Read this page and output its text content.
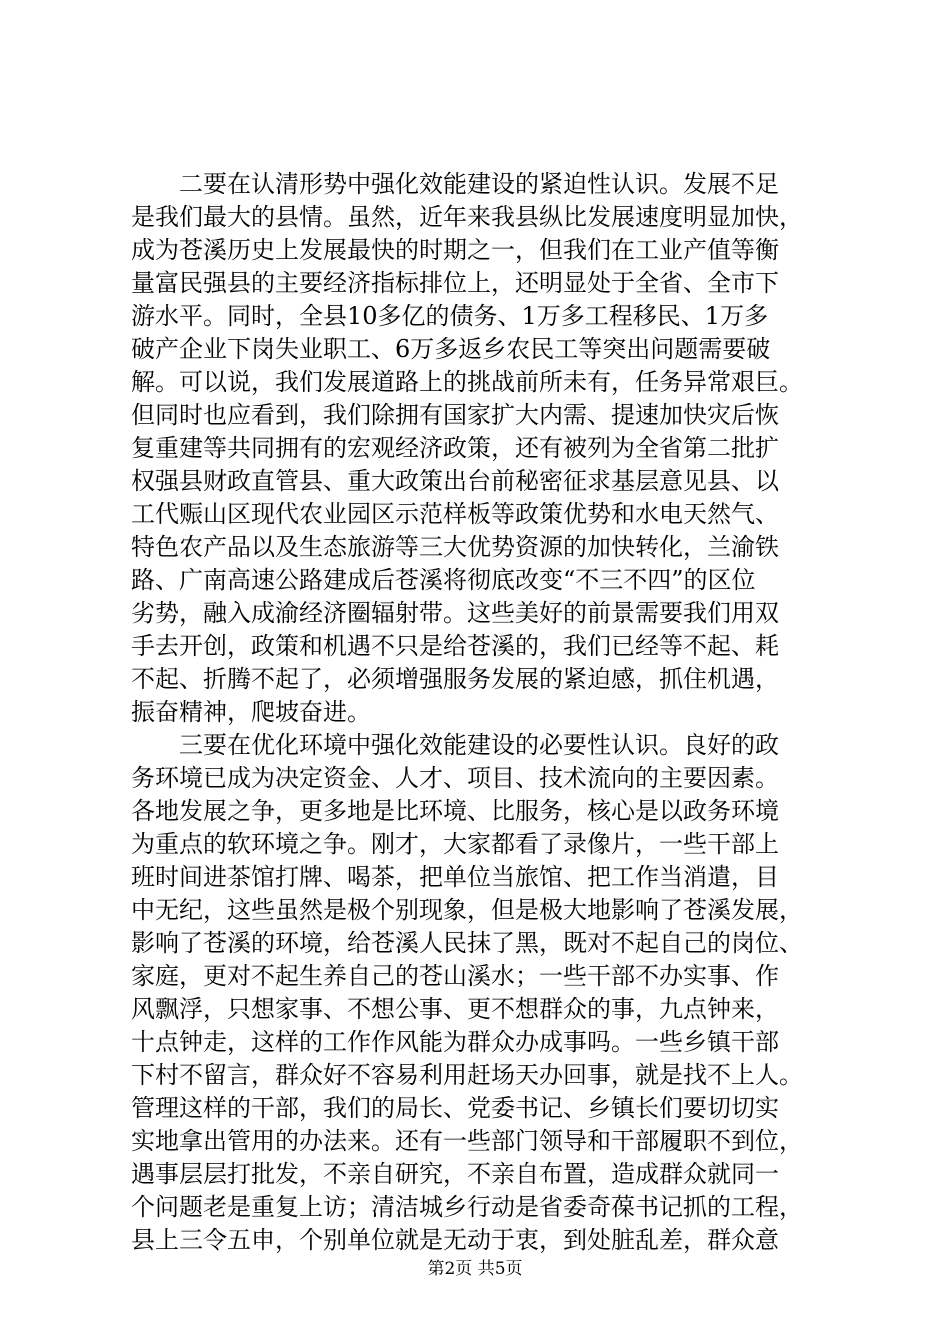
二要在认清形势中强化效能建设的紧迫性认识。发展不足
是我们最大的县情。虽然，近年来我县纵比发展速度明显加快，
成为苍溪历史上发展最快的时期之一，但我们在工业产值等衡
量富民强县的主要经济指标排位上，还明显处于全省、全市下
游水平。同时，全县10多亿的债务、1万多工程移民、1万多
破产企业下岗失业职工、6万多返乡农民工等突出问题需要破
解。可以说，我们发展道路上的挑战前所未有，任务异常艰巨。
但同时也应看到，我们除拥有国家扩大内需、提速加快灾后恢
复重建等共同拥有的宏观经济政策，还有被列为全省第二批扩
权强县财政直管县、重大政策出台前秘密征求基层意见县、以
工代赈山区现代农业园区示范样板等政策优势和水电天然气、
特色农产品以及生态旅游等三大优势资源的加快转化，兰渝铁
路、广南高速公路建成后苍溪将彻底改变“不三不四”的区位
劣势，融入成渝经济圈辐射带。这些美好的前景需要我们用双
手去开创，政策和机遇不只是给苍溪的，我们已经等不起、耗
不起、折腾不起了，必须增强服务发展的紧迫感，抓住机遇，
振奋精神，爬坡奋进。
三要在优化环境中强化效能建设的必要性认识。良好的政
务环境已成为决定资金、人才、项目、技术流向的主要因素。
各地发展之争，更多地是比环境、比服务，核心是以政务环境
为重点的软环境之争。刚才，大家都看了录像片，一些干部上
班时间进茶馆打牌、喝茶，把单位当旅馆、把工作当消遣，目
中无纪，这些虽然是极个别现象，但是极大地影响了苍溪发展，
影响了苍溪的环境，给苍溪人民抹了黑，既对不起自己的岗位、
家庭，更对不起生养自己的苍山溪水；一些干部不办实事、作
风飘浮，只想家事、不想公事、更不想群众的事，九点钟来，
十点钟走，这样的工作作风能为群众办成事吗。一些乡镇干部
下村不留言，群众好不容易利用赶场天办回事，就是找不上人。
管理这样的干部，我们的局长、党委书记、乡镇长们要切切实
实地拿出管用的办法来。还有一些部门领导和干部履职不到位，
遇事层层打批发，不亲自研究，不亲自布置，造成群众就同一
个问题老是重复上访；清洁城乡行动是省委奇葆书记抓的工程，
县上三令五申，个别单位就是无动于衷，到处脏乱差，群众意
第2页 共5页
